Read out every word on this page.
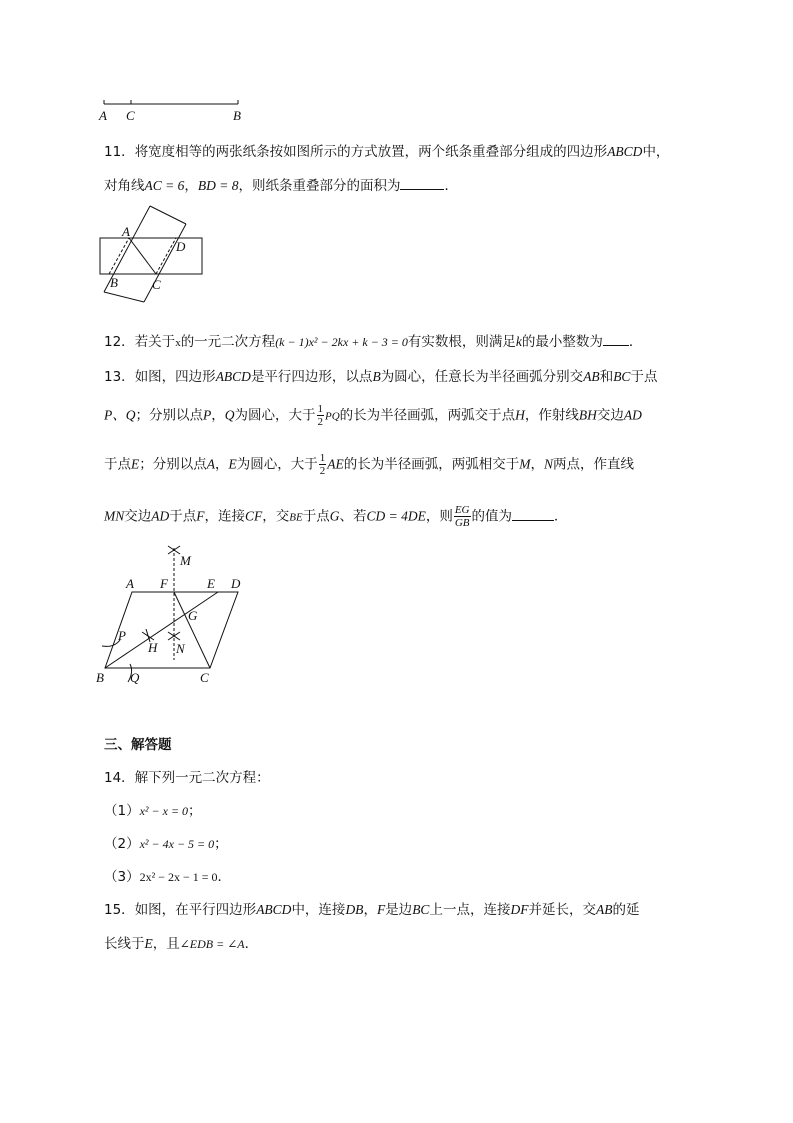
A C	B
11．将宽度相等的两张纸条按如图所示的方式放置，两个纸条重叠部分组成的四边形ABCD中，
对角线AC = 6，BD = 8，则纸条重叠部分的面积为	．
A
D
B	C
12．若关于x的一元二次方程(k − 1)x² − 2kx + k − 3 = 0有实数根，则满足k的最小整数为 ．
13．如图，四边形ABCD是平行四边形，以点B为圆心，任意长为半径画弧分别交AB和BC于点
P、Q；分别以点P，Q为圆心，大于 $\frac{1}{2}$ PQ的长为半径画弧，两弧交于点H，作射线BH交边AD
于点E；分别以点A，E为圆心，大于 $\frac{1}{2}$ AE的长为半径画弧，两弧相交于M，N两点，作直线
MN交边AD于点F，连接CF，交BE于点G、若CD = 4DE，则 $\frac{EG}{GB}$ 的值为	．
M
A F	E D
G
P
H N
B Q	C
三、解答题
14．解下列一元二次方程：
（1）x² − x = 0；
（2）x² − 4x − 5 = 0；
（3）2x² − 2x − 1 = 0．
15．如图，在平行四边形ABCD中，连接DB，F是边BC上一点，连接DF并延长，交AB的延
长线于E，且∠EDB = ∠A．
